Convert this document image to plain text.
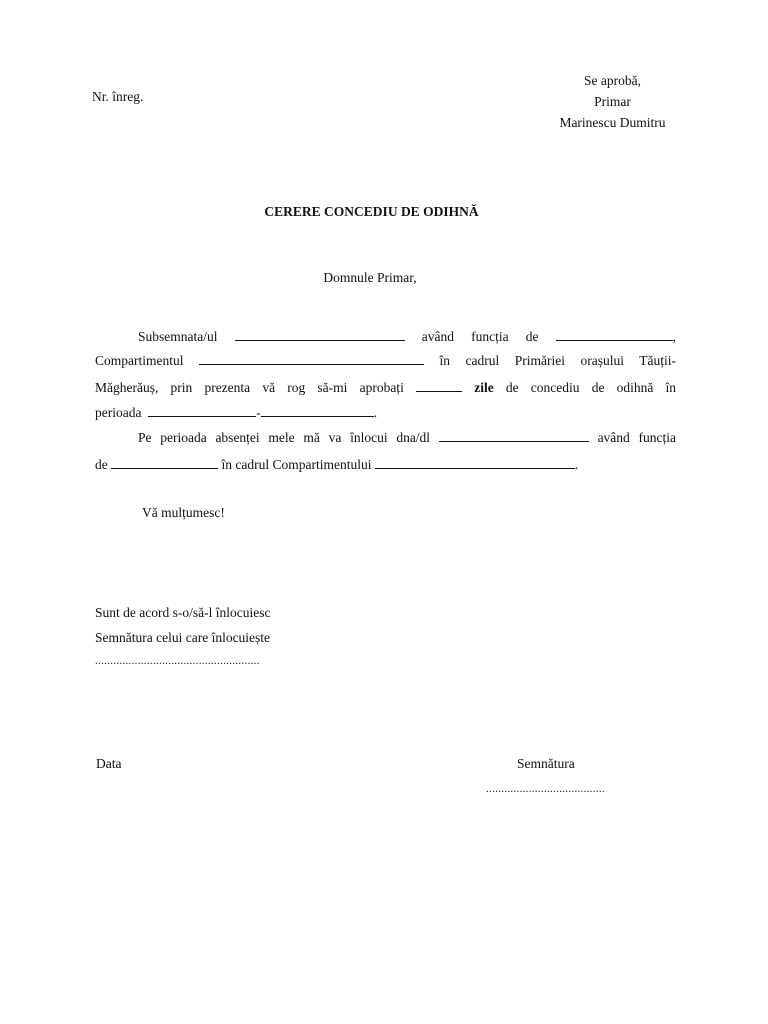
Nr. înreg.
Se aprobă,
Primar
Marinescu Dumitru
CERERE CONCEDIU DE ODIHNĂ
Domnule Primar,
Subsemnata/ul	având funcția de	,
Compartimentul	în cadrul Primăriei orașului Tăuții-
Măgherăuș, prin prezenta vă rog să-mi aprobați	zile de concediu de odihnă în
perioada	-	.
Pe perioada absenței mele mă va înlocui dna/dl	având funcția
de	în cadrul Compartimentului	.
Vă mulțumesc!
Sunt de acord s-o/să-l înlocuiesc
Semnătura celui care înlocuiește
......................................................
Data	Semnătura
.......................................
